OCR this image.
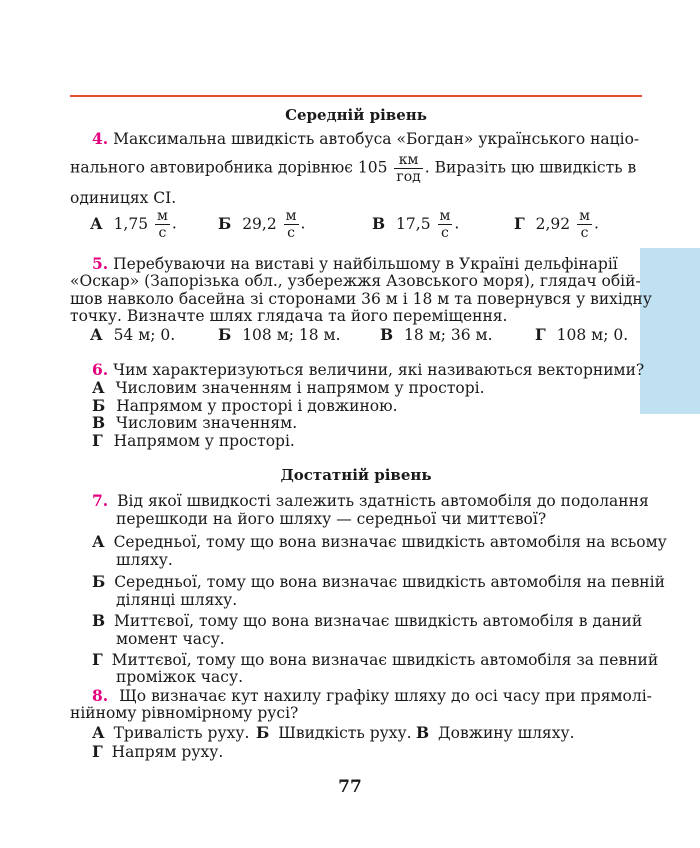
Середній рівень
4. Максимальна швидкість автобуса «Богдан» українського націо-
нального автовиробника дорівнює $105 \frac{км}{\text{год}}$ . Виразіть цю швидкість в
одиницях СІ.
А $1,75 \frac{м}{с}$ .	Б $29,2 \frac{м}{с}$ .	В $17,5 \frac{м}{с}$ .	Г $2,92 \frac{м}{с}$ .
5. Перебуваючи на виставі у найбільшому в Україні дельфінарії
«Оскар» (Запорізька обл., узбережжя Азовського моря), глядач обій-
шов навколо басейна зі сторонами 36 м і 18 м та повернувся у вихідну
точку. Визначте шлях глядача та його переміщення.
А 54 м; 0.	Б 108 м; 18 м.	В 18 м; 36 м.	Г 108 м; 0.
6. Чим характеризуються величини, які називаються векторними?
А Числовим значенням і напрямом у просторі.
Б Напрямом у просторі і довжиною.
В Числовим значенням.
Г Напрямом у просторі.
Достатній рівень
7. Від якої швидкості залежить здатність автомобіля до подолання
перешкоди на його шляху — середньої чи миттєвої?
А Середньої, тому що вона визначає швидкість автомобіля на всьому
шляху.
Б Середньої, тому що вона визначає швидкість автомобіля на певній
ділянці шляху.
В Миттєвої, тому що вона визначає швидкість автомобіля в даний
момент часу.
Г Миттєвої, тому що вона визначає швидкість автомобіля за певний
проміжок часу.
8. Що визначає кут нахилу графіку шляху до осі часу при прямолі-
нійному рівномірному русі?
А Тривалість руху. Б Швидкість руху. В Довжину шляху.
Г Напрям руху.
77
